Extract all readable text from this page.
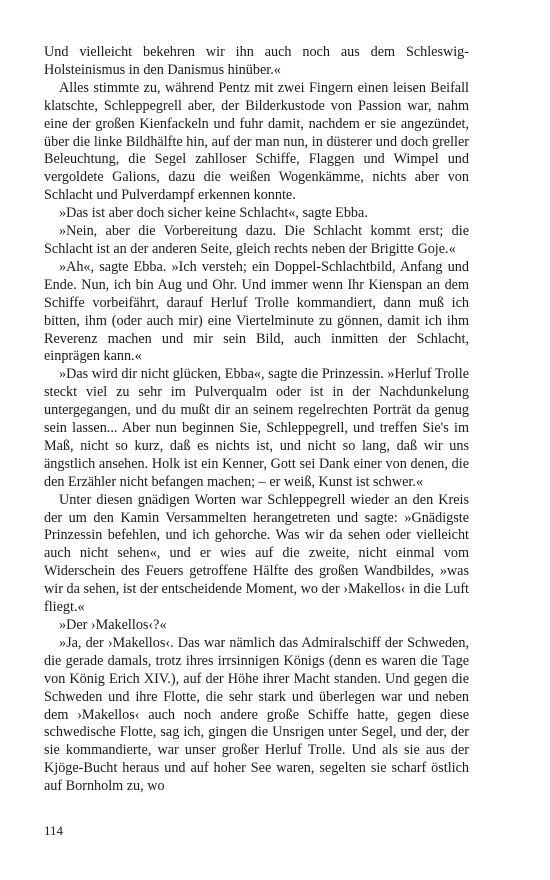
Und vielleicht bekehren wir ihn auch noch aus dem Schleswig-Holsteinismus in den Danismus hinüber.«

Alles stimmte zu, während Pentz mit zwei Fingern einen leisen Beifall klatschte, Schleppegrell aber, der Bilderkustode von Passion war, nahm eine der großen Kienfackeln und fuhr damit, nachdem er sie angezündet, über die linke Bildhälfte hin, auf der man nun, in düsterer und doch greller Beleuchtung, die Segel zahlloser Schiffe, Flaggen und Wimpel und vergoldete Galions, dazu die weißen Wogenkämme, nichts aber von Schlacht und Pulverdampf erkennen konnte.

»Das ist aber doch sicher keine Schlacht«, sagte Ebba.

»Nein, aber die Vorbereitung dazu. Die Schlacht kommt erst; die Schlacht ist an der anderen Seite, gleich rechts neben der Brigitte Goje.«

»Ah«, sagte Ebba. »Ich versteh; ein Doppel-Schlachtbild, Anfang und Ende. Nun, ich bin Aug und Ohr. Und immer wenn Ihr Kienspan an dem Schiffe vorbeifährt, darauf Herluf Trolle kommandiert, dann muß ich bitten, ihm (oder auch mir) eine Viertelminute zu gönnen, damit ich ihm Reverenz machen und mir sein Bild, auch inmitten der Schlacht, einprägen kann.«

»Das wird dir nicht glücken, Ebba«, sagte die Prinzessin. »Herluf Trolle steckt viel zu sehr im Pulverqualm oder ist in der Nachdunkelung untergegangen, und du mußt dir an seinem regelrechten Porträt da genug sein lassen... Aber nun beginnen Sie, Schleppegrell, und treffen Sie's im Maß, nicht so kurz, daß es nichts ist, und nicht so lang, daß wir uns ängstlich ansehen. Holk ist ein Kenner, Gott sei Dank einer von denen, die den Erzähler nicht befangen machen; – er weiß, Kunst ist schwer.«

Unter diesen gnädigen Worten war Schleppegrell wieder an den Kreis der um den Kamin Versammelten herangetreten und sagte: »Gnädigste Prinzessin befehlen, und ich gehorche. Was wir da sehen oder vielleicht auch nicht sehen«, und er wies auf die zweite, nicht einmal vom Widerschein des Feuers getroffene Hälfte des großen Wandbildes, »was wir da sehen, ist der entscheidende Moment, wo der ›Makellos‹ in die Luft fliegt.«

»Der ›Makellos‹?«

»Ja, der ›Makellos‹. Das war nämlich das Admiralschiff der Schweden, die gerade damals, trotz ihres irrsinnigen Königs (denn es waren die Tage von König Erich XIV.), auf der Höhe ihrer Macht standen. Und gegen die Schweden und ihre Flotte, die sehr stark und überlegen war und neben dem ›Makellos‹ auch noch andere große Schiffe hatte, gegen diese schwedische Flotte, sag ich, gingen die Unsrigen unter Segel, und der, der sie kommandierte, war unser großer Herluf Trolle. Und als sie aus der Kjöge-Bucht heraus und auf hoher See waren, segelten sie scharf östlich auf Bornholm zu, wo

114
